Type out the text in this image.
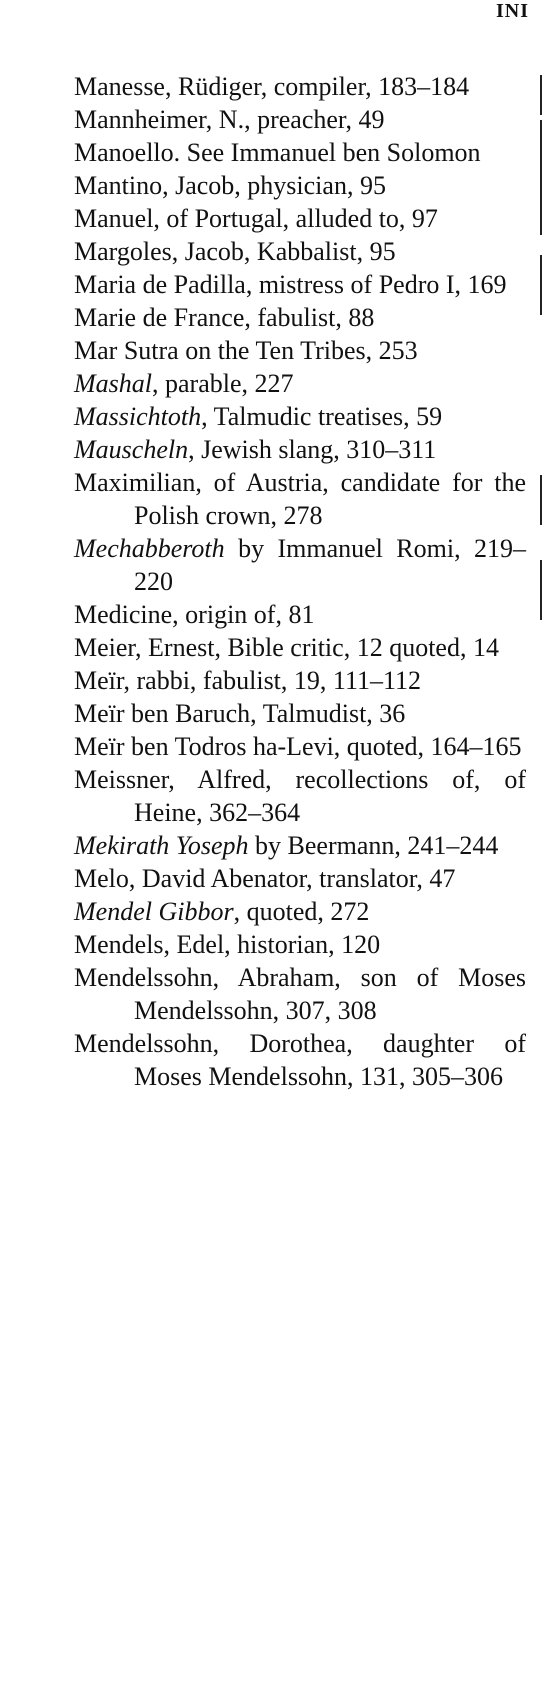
INI

Manesse, Rüdiger, compiler, 183–184

Mannheimer, N., preacher, 49

Manoello. See Immanuel ben Solomon

Mantino, Jacob, physician, 95

Manuel, of Portugal, alluded to, 97

Margoles, Jacob, Kabbalist, 95

Maria de Padilla, mistress of Pedro I, 169

Marie de France, fabulist, 88

Mar Sutra on the Ten Tribes, 253

Mashal, parable, 227

Massichtoth, Talmudic treatises, 59

Mauscheln, Jewish slang, 310–311

Maximilian, of Austria, candidate for the Polish crown, 278

Mechabberoth by Immanuel Romi, 219–220

Medicine, origin of, 81

Meier, Ernest, Bible critic, 12 quoted, 14

Meïr, rabbi, fabulist, 19, 111–112

Meïr ben Baruch, Talmudist, 36

Meïr ben Todros ha-Levi, quoted, 164–165

Meissner, Alfred, recollections of, of Heine, 362–364

Mekirath Yoseph by Beermann, 241–244

Melo, David Abenator, translator, 47

Mendel Gibbor, quoted, 272

Mendels, Edel, historian, 120

Mendelssohn, Abraham, son of Moses Mendelssohn, 307, 308

Mendelssohn, Dorothea, daughter of Moses Mendelssohn, 131, 305–306
